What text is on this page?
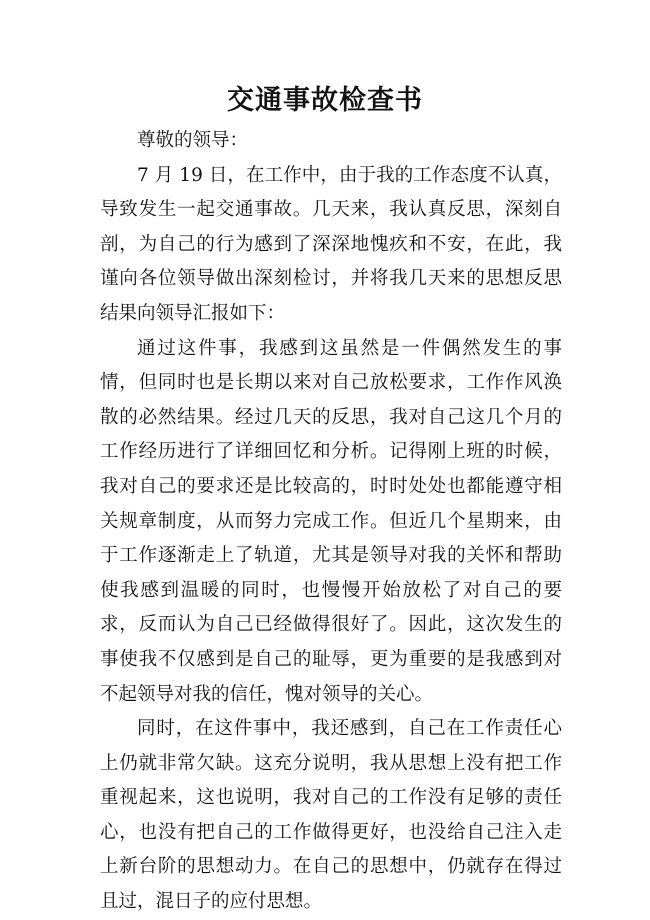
交通事故检查书

尊敬的领导：

7 月 19 日，在工作中，由于我的工作态度不认真，导致发生一起交通事故。几天来，我认真反思，深刻自剖，为自己的行为感到了深深地愧疚和不安，在此，我谨向各位领导做出深刻检讨，并将我几天来的思想反思结果向领导汇报如下：

通过这件事，我感到这虽然是一件偶然发生的事情，但同时也是长期以来对自己放松要求，工作作风涣散的必然结果。经过几天的反思，我对自己这几个月的工作经历进行了详细回忆和分析。记得刚上班的时候，我对自己的要求还是比较高的，时时处处也都能遵守相关规章制度，从而努力完成工作。但近几个星期来，由于工作逐渐走上了轨道，尤其是领导对我的关怀和帮助使我感到温暖的同时，也慢慢开始放松了对自己的要求，反而认为自己已经做得很好了。因此，这次发生的事使我不仅感到是自己的耻辱，更为重要的是我感到对不起领导对我的信任，愧对领导的关心。

同时，在这件事中，我还感到，自己在工作责任心上仍就非常欠缺。这充分说明，我从思想上没有把工作重视起来，这也说明，我对自己的工作没有足够的责任心，也没有把自己的工作做得更好，也没给自己注入走上新台阶的思想动力。在自己的思想中，仍就存在得过且过，混日子的应付思想。
